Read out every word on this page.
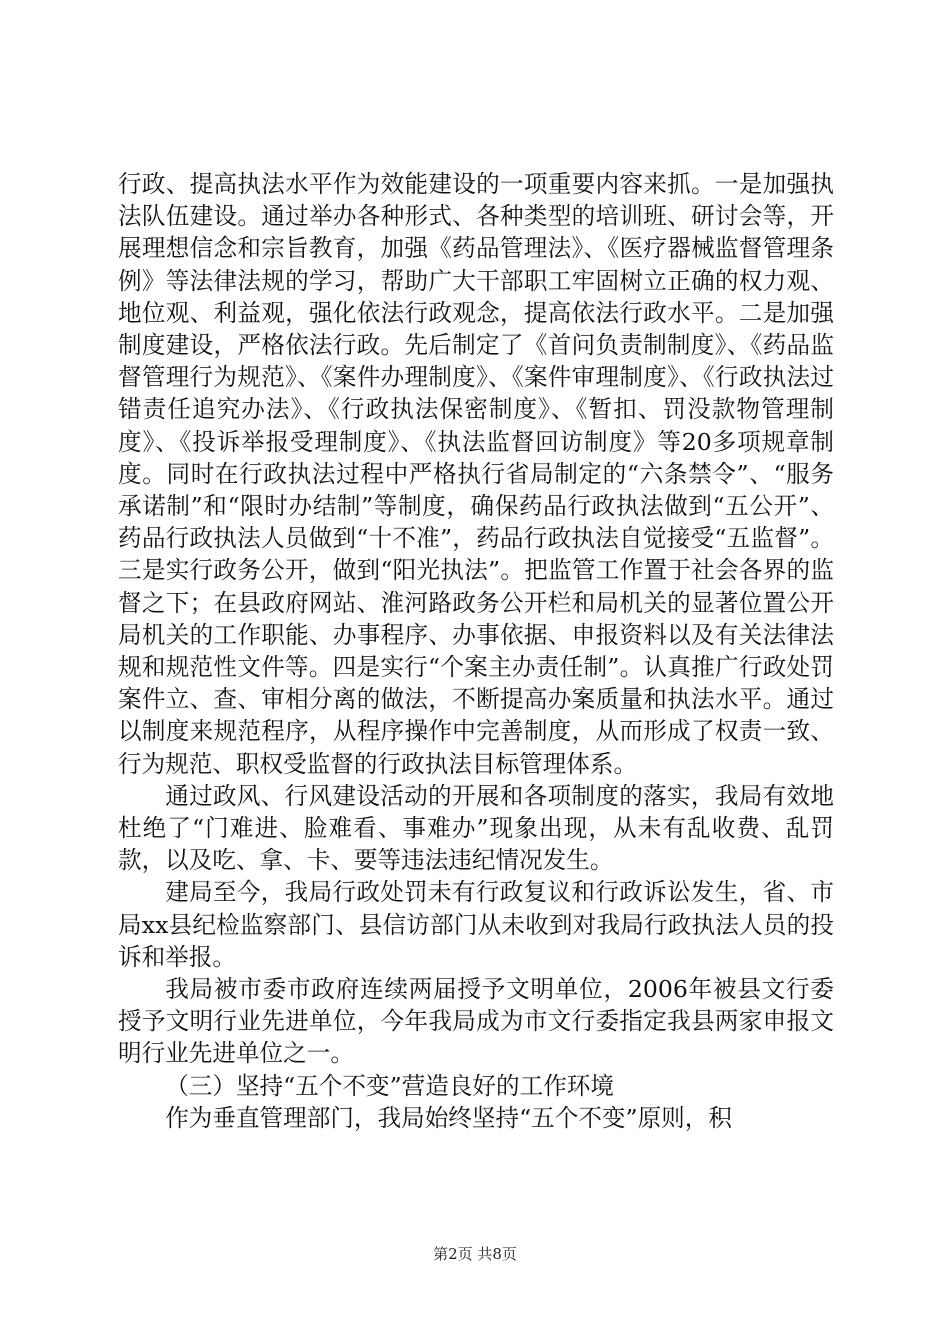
行政、提高执法水平作为效能建设的一项重要内容来抓。一是加强执法队伍建设。通过举办各种形式、各种类型的培训班、研讨会等，开展理想信念和宗旨教育，加强《药品管理法》、《医疗器械监督管理条例》等法律法规的学习，帮助广大干部职工牢固树立正确的权力观、地位观、利益观，强化依法行政观念，提高依法行政水平。二是加强制度建设，严格依法行政。先后制定了《首问负责制制度》、《药品监督管理行为规范》、《案件办理制度》、《案件审理制度》、《行政执法过错责任追究办法》、《行政执法保密制度》、《暂扣、罚没款物管理制度》、《投诉举报受理制度》、《执法监督回访制度》等20多项规章制度。同时在行政执法过程中严格执行省局制定的“六条禁令”、“服务承诺制”和“限时办结制”等制度，确保药品行政执法做到“五公开”、药品行政执法人员做到“十不准”，药品行政执法自觉接受“五监督”。三是实行政务公开，做到“阳光执法”。把监管工作置于社会各界的监督之下；在县政府网站、淮河路政务公开栏和局机关的显著位置公开局机关的工作职能、办事程序、办事依据、申报资料以及有关法律法规和规范性文件等。四是实行“个案主办责任制”。认真推广行政处罚案件立、查、审相分离的做法，不断提高办案质量和执法水平。通过以制度来规范程序，从程序操作中完善制度，从而形成了权责一致、行为规范、职权受监督的行政执法目标管理体系。

通过政风、行风建设活动的开展和各项制度的落实，我局有效地杜绝了“门难进、脸难看、事难办”现象出现，从未有乱收费、乱罚款，以及吃、拿、卡、要等违法违纪情况发生。

建局至今，我局行政处罚未有行政复议和行政诉讼发生，省、市局xx县纪检监察部门、县信访部门从未收到对我局行政执法人员的投诉和举报。

我局被市委市政府连续两届授予文明单位，2006年被县文行委授予文明行业先进单位，今年我局成为市文行委指定我县两家申报文明行业先进单位之一。

（三）坚持“五个不变”营造良好的工作环境

作为垂直管理部门，我局始终坚持“五个不变”原则，积

第2页 共8页
